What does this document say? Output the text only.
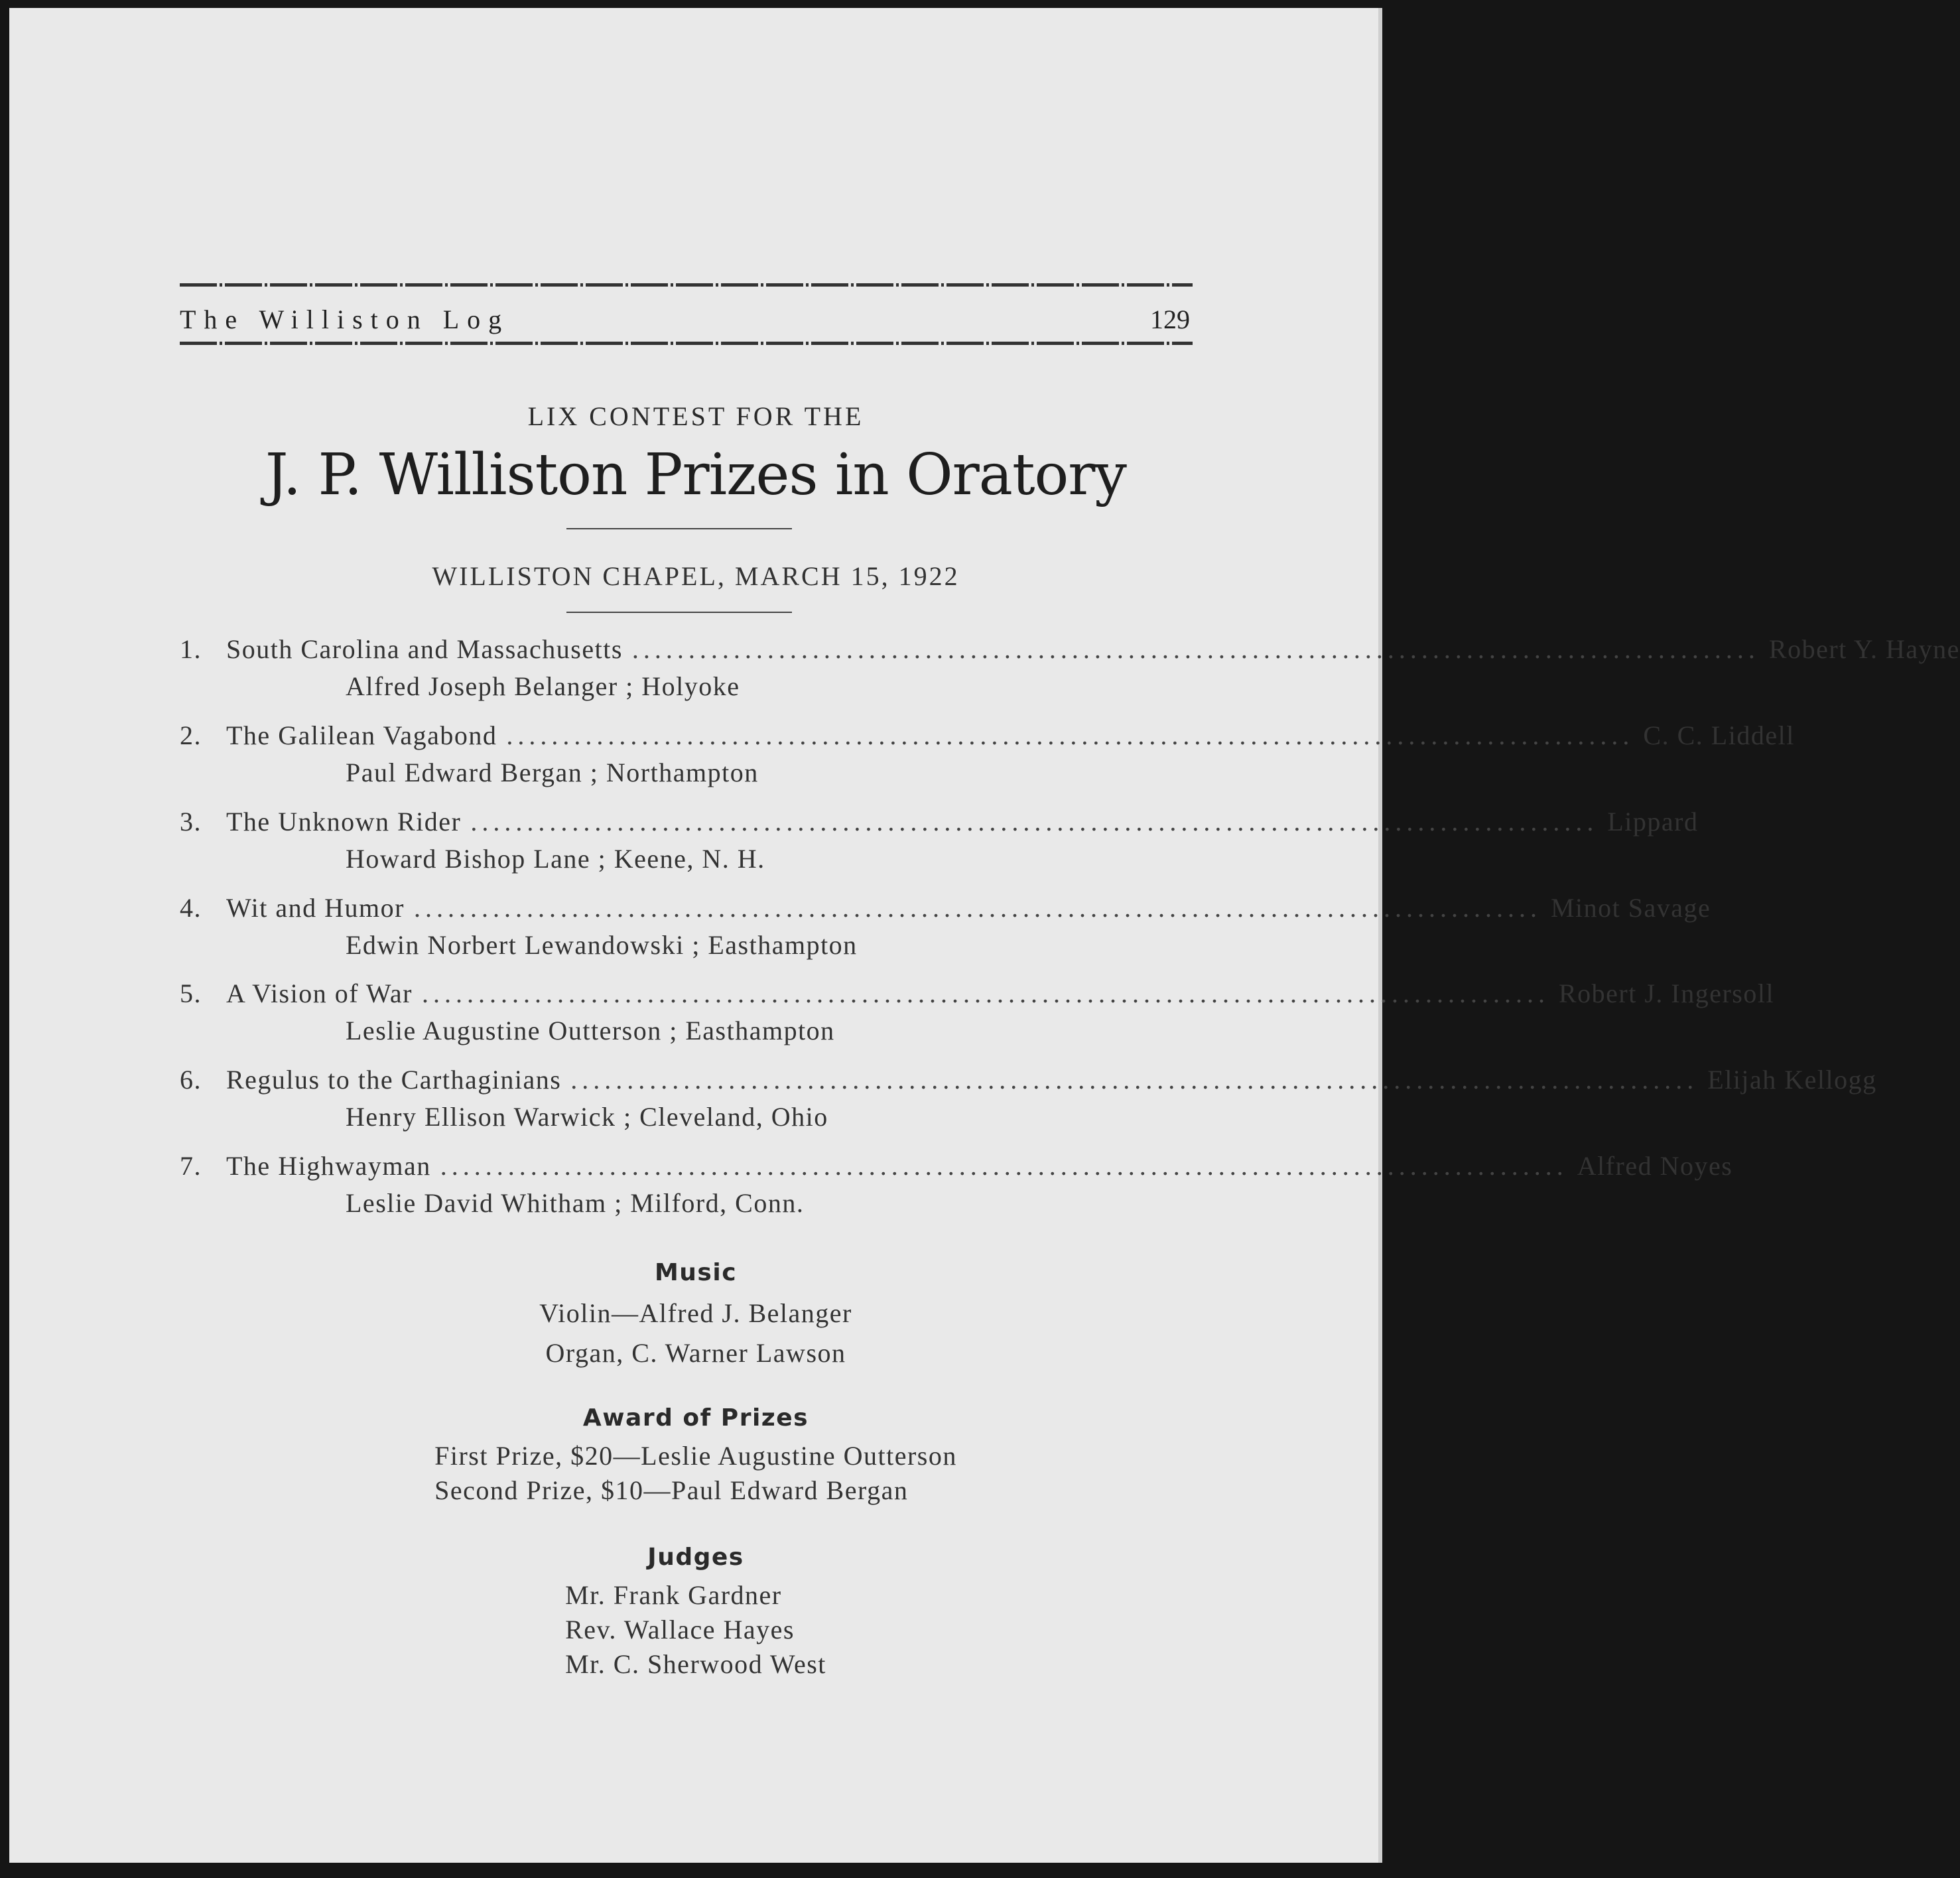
The Williston Log	129
LIX CONTEST FOR THE
J. P. Williston Prizes in Oratory
WILLISTON CHAPEL, MARCH 15, 1922
1. South Carolina and Massachusetts .................................................................................................... Robert Y. Hayne
Alfred Joseph Belanger ; Holyoke
2. The Galilean Vagabond .................................................................................................... C. C. Liddell
Paul Edward Bergan ; Northampton
3. The Unknown Rider .................................................................................................... Lippard
Howard Bishop Lane ; Keene, N. H.
4. Wit and Humor .................................................................................................... Minot Savage
Edwin Norbert Lewandowski ; Easthampton
5. A Vision of War .................................................................................................... Robert J. Ingersoll
Leslie Augustine Outterson ; Easthampton
6. Regulus to the Carthaginians .................................................................................................... Elijah Kellogg
Henry Ellison Warwick ; Cleveland, Ohio
7. The Highwayman .................................................................................................... Alfred Noyes
Leslie David Whitham ; Milford, Conn.
Music
Violin—Alfred J. Belanger
Organ, C. Warner Lawson
Award of Prizes
First Prize, $20—Leslie Augustine Outterson
Second Prize, $10—Paul Edward Bergan
Judges
Mr. Frank Gardner
Rev. Wallace Hayes
Mr. C. Sherwood West
